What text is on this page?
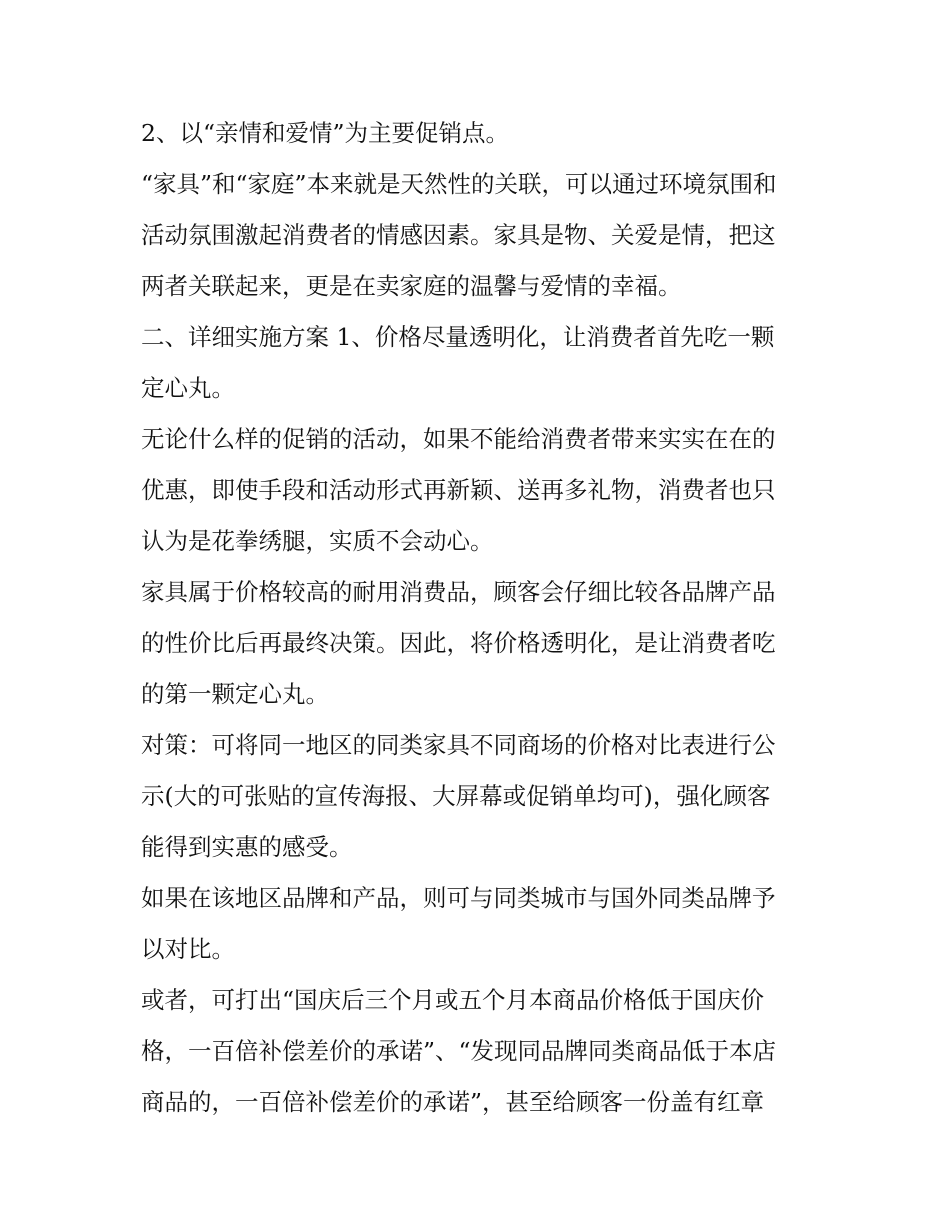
2、以“亲情和爱情”为主要促销点。

“家具”和“家庭”本来就是天然性的关联，可以通过环境氛围和
活动氛围激起消费者的情感因素。家具是物、关爱是情，把这
两者关联起来，更是在卖家庭的温馨与爱情的幸福。

二、详细实施方案 1、价格尽量透明化，让消费者首先吃一颗
定心丸。

无论什么样的促销的活动，如果不能给消费者带来实实在在的
优惠，即使手段和活动形式再新颖、送再多礼物，消费者也只
认为是花拳绣腿，实质不会动心。

家具属于价格较高的耐用消费品，顾客会仔细比较各品牌产品
的性价比后再最终决策。因此，将价格透明化，是让消费者吃
的第一颗定心丸。

对策：可将同一地区的同类家具不同商场的价格对比表进行公
示(大的可张贴的宣传海报、大屏幕或促销单均可)，强化顾客
能得到实惠的感受。

如果在该地区品牌和产品，则可与同类城市与国外同类品牌予
以对比。

或者，可打出“国庆后三个月或五个月本商品价格低于国庆价
格，一百倍补偿差价的承诺”、“发现同品牌同类商品低于本店
商品的，一百倍补偿差价的承诺”，甚至给顾客一份盖有红章
